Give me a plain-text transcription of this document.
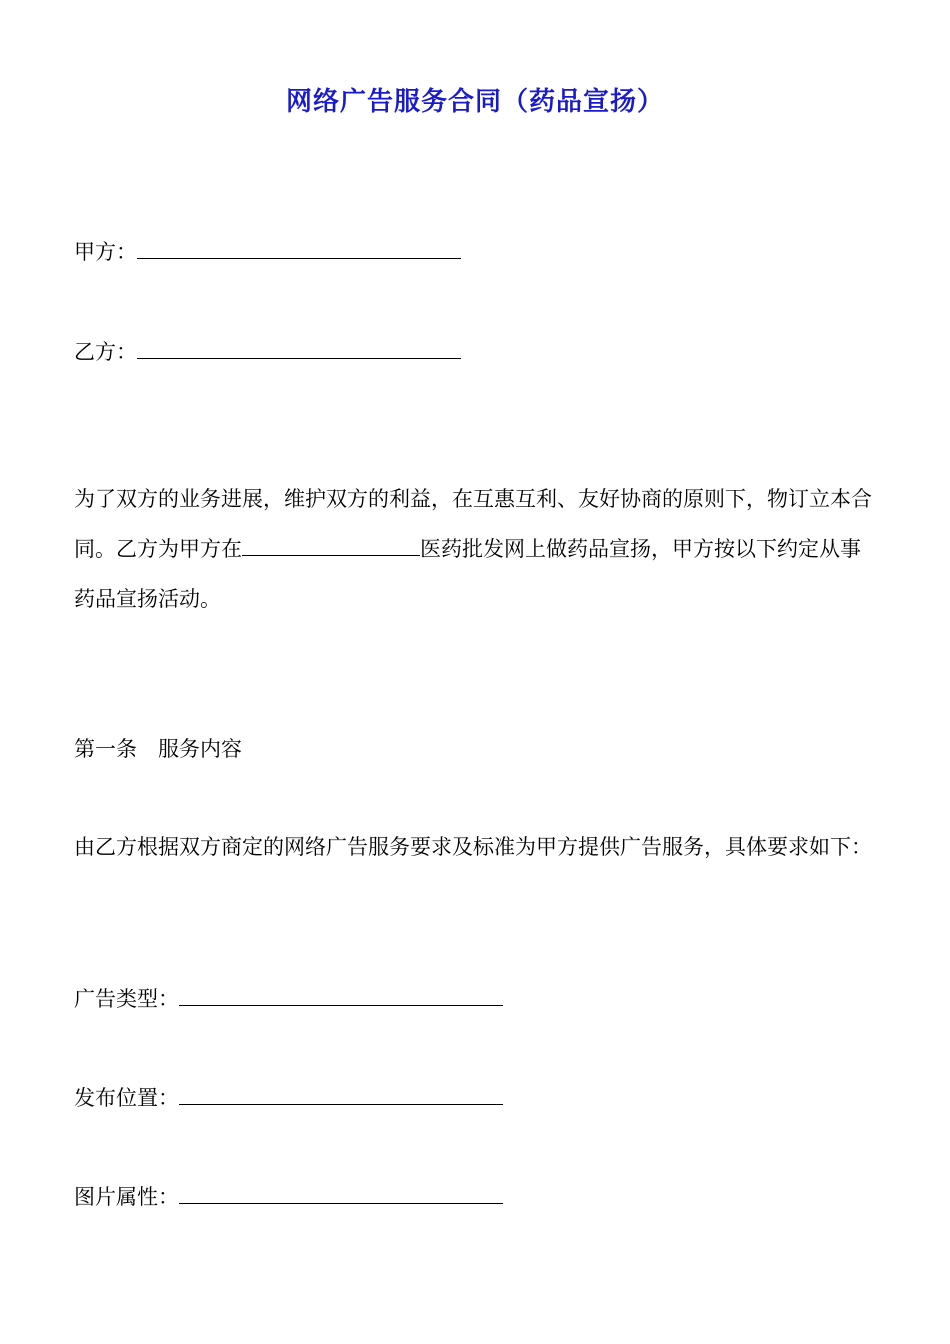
网络广告服务合同（药品宣扬）
甲方：
乙方：
为了双方的业务进展，维护双方的利益，在互惠互利、友好协商的原则下，物订立本合同。乙方为甲方在	医药批发网上做药品宣扬，甲方按以下约定从事药品宣扬活动。
第一条 服务内容
由乙方根据双方商定的网络广告服务要求及标准为甲方提供广告服务，具体要求如下：
广告类型：
发布位置：
图片属性：
